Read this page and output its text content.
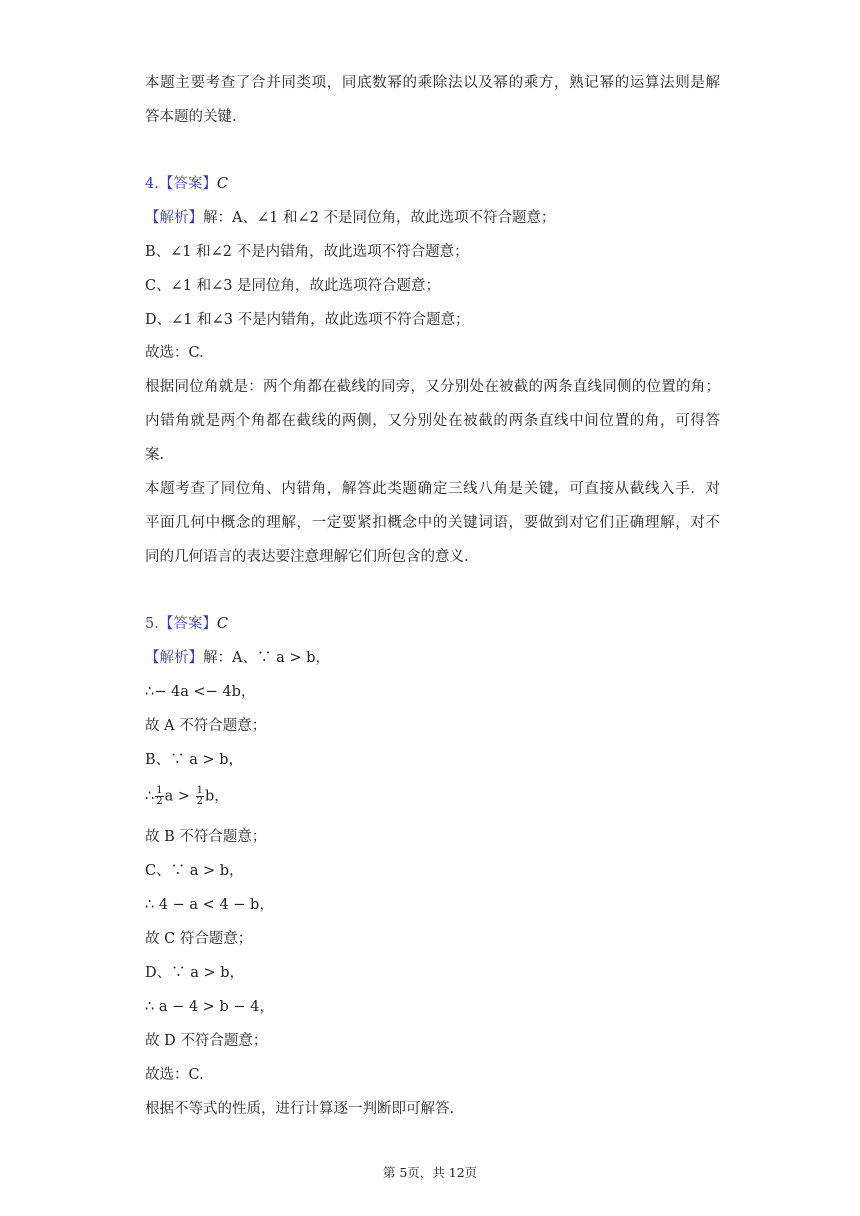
本题主要考查了合并同类项，同底数幂的乘除法以及幂的乘方，熟记幂的运算法则是解
答本题的关键.
4.【答案】C
【解析】解：A、∠1 和∠2 不是同位角，故此选项不符合题意；
B、∠1 和∠2 不是内错角，故此选项不符合题意；
C、∠1 和∠3 是同位角，故此选项符合题意；
D、∠1 和∠3 不是内错角，故此选项不符合题意；
故选：C.
根据同位角就是：两个角都在截线的同旁，又分别处在被截的两条直线同侧的位置的角；
内错角就是两个角都在截线的两侧，又分别处在被截的两条直线中间位置的角，可得答
案.
本题考查了同位角、内错角，解答此类题确定三线八角是关键，可直接从截线入手．对
平面几何中概念的理解，一定要紧扣概念中的关键词语，要做到对它们正确理解，对不
同的几何语言的表达要注意理解它们所包含的意义.
5.【答案】C
【解析】解：A、∵ a > b，
∴− 4a <− 4b，
故 A 不符合题意；
B、∵ a > b，
∴ $\frac{1}{2}$ $a > \frac{1}{2}$ b，
故 B 不符合题意；
C、∵ a > b，
∴ 4 − a < 4 − b，
故 C 符合题意；
D、∵ a > b，
∴ a − 4 > b − 4，
故 D 不符合题意；
故选：C.
根据不等式的性质，进行计算逐一判断即可解答.
第 5页，共 12页
